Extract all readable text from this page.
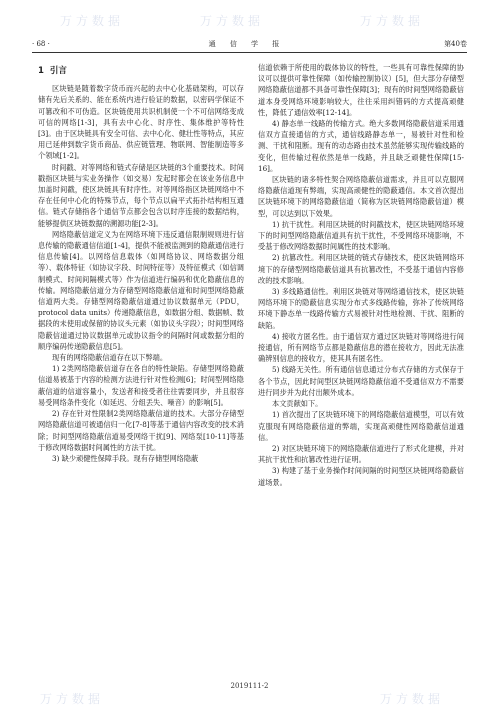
· 68 ·	通 信 学 报	第40卷
1 引言

区块链是随着数字货币而兴起的去中心化基础架构，可以存储有先后关系的、能在系统内进行验证的数据，以密码学保证不可篡改和不可伪造。区块链使用共识机制使一个不可信网络变成可信的网络[1-3]，具有去中心化、时序性、集体维护等特性[3]。由于区块链具有安全可信、去中心化、健壮性等特点，其应用已延伸到数字货币商品、供应链管理、物联网、智能制造等多个领域[1-2]。

时间戳、对等网络和链式存储是区块链的3个重要技术。时间戳指区块链与实业务操作（如交易）发起时都会在该业务信息中加盖时间戳，使区块链具有时序性。对等网络指区块链网络中不存在任何中心化的特殊节点，每个节点以扁平式拓扑结构相互通信。链式存储指各个通信节点都会包含以时序连接的数据结构，能够提供区块链数据的溯源功能[2-3]。

网络隐蔽信道定义为在网络环境下违反通信限制规则进行信息传输的隐蔽通信信道[1-4]，提供不能被监测到的隐蔽通信进行信息传输[4]。以网络信息载体（如网络协议、网络数据分组等）、载体特征（如协议字段、时间特征等）及特征模式（如信调制模式、时间间隔模式等）作为信道进行编码和优化隐蔽信息的传输。网络隐蔽信道分为存储型网络隐蔽信道和时间型网络隐蔽信道两大类。存储型网络隐蔽信道通过协议数据单元（PDU，protocol data units）传递隐蔽信息，如数据分组、数据帧、数据段的未使用或保留的协议头元素（如协议头字段）；时间型网络隐蔽信道通过协议数据单元或协议指令的间隔时间或数据分组的顺序编码传递隐蔽信息[5]。

现有的网络隐蔽信道存在以下弊端。

1) 2类网络隐蔽信道存在各自的特性缺陷。存储型网络隐蔽信道易被基于内容的检测方法进行针对性检测[6]；时间型网络隐蔽信道的信道容量小，发送者和接受者往往需要同步，并且很容易受网络条件变化（如延迟、分组丢失、噪音）的影响[5]。

2) 存在针对性限制2类网络隐蔽信道的技术。大部分存储型网络隐蔽信道可被通信归一化[7-8]等基于通信内容改变的技术消除；时间型网络隐蔽信道易受网络干扰[9]、网络泵[10-11]等基于修改网络数据时间属性的方法干扰。

3) 缺少顽健性保障手段。现有存储型网络隐蔽

信道依赖于所使用的载体协议的特性，一些具有可靠性保障的协议可以提供可靠性保障（如传输控制协议）[5]，但大部分存储型网络隐蔽信道都不具备可靠性保障[3]；现有的时间型网络隐蔽信道本身受网络环境影响较大，往往采用纠错码的方式提高顽健性，降低了通信效率[12-14]。

4) 静态单一线路的传输方式。绝大多数网络隐蔽信道采用通信双方直接通信的方式，通信线路静态单一，易被针对性和检测、干扰和阻断。现有的动态路由技术虽然能够实现传输线路的变化，但传输过程依然是单一线路，并且缺乏顽健性保障[15-16]。

区块链的诸多特性契合网络隐蔽信道需求，并且可以克服网络隐蔽信道现有弊端，实现高顽健性的隐蔽通信。本文首次提出区块链环境下的网络隐蔽信道（简称为区块链网络隐蔽信道）模型，可以达到以下效果。

1) 抗干扰性。利用区块链的时间戳技术，使区块链网络环境下的时间型网络隐蔽信道具有抗干扰性，不受网络环境影响，不受基于修改网络数据时间属性的技术影响。

2) 抗篡改性。利用区块链的链式存储技术，使区块链网络环境下的存储型网络隐蔽信道具有抗篡改性，不受基于通信内容修改的技术影响。

3) 多线路通信性。利用区块链对等网络通信技术，使区块链网络环境下的隐蔽信息实现分布式多线路传输，弥补了传统网络环境下静态单一线路传输方式易被针对性地检测、干扰、阻断的缺陷。

4) 接收方匿名性。由于通信双方通过区块链对等网络进行间接通信，所有网络节点都是隐蔽信息的潜在接收方，因此无法准确辨别信息的接收方，使其具有匿名性。

5) 线路无关性。所有通信信息通过分布式存储的方式保存于各个节点，因此时间型区块链网络隐蔽信道不受通信双方不需要进行同步并为此付出额外成本。

本文贡献如下。

1) 首次提出了区块链环境下的网络隐蔽信道模型，可以有效克服现有网络隐蔽信道的弊端，实现高顽健性网络隐蔽信道通信。

2) 对区块链环境下的网络隐蔽信道进行了形式化建模，并对其抗干扰性和抗篡改性进行证明。

3) 构建了基于业务操作时间间隔的时间型区块链网络隐蔽信道场景。

万方数据	万方数据	万方数据
万方数据	万方数据
2019111-2
